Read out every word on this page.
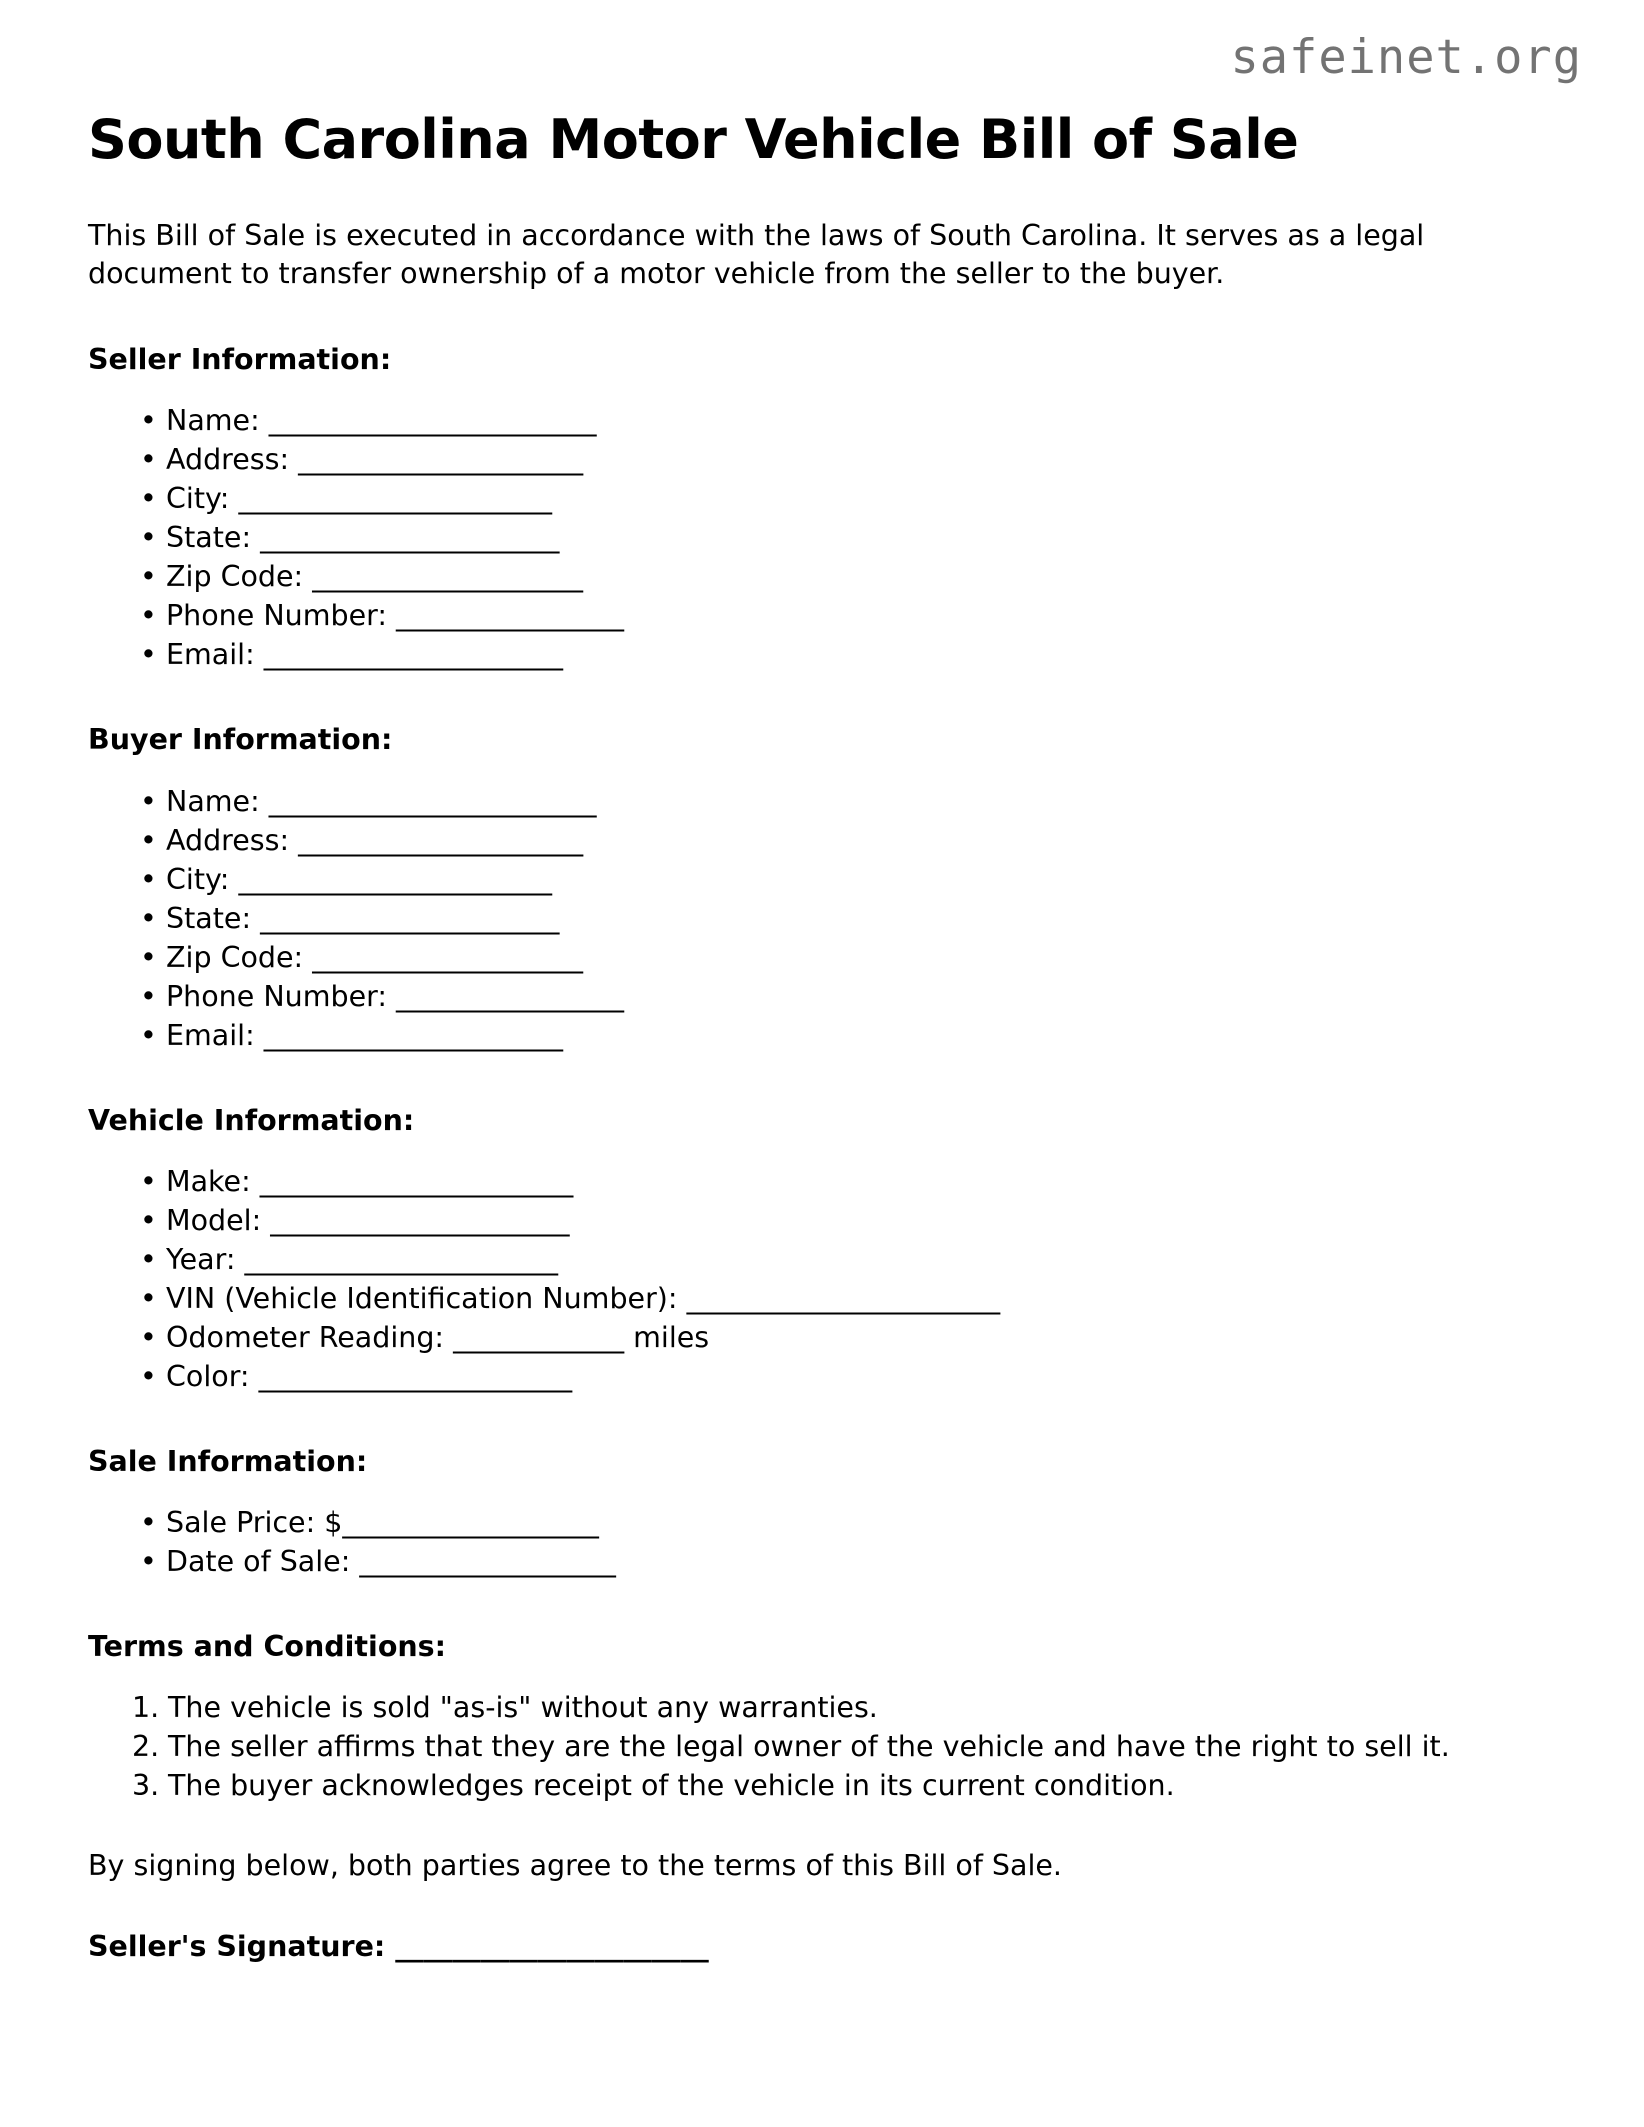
safeinet.org
South Carolina Motor Vehicle Bill of Sale

This Bill of Sale is executed in accordance with the laws of South Carolina. It serves as a legal document to transfer ownership of a motor vehicle from the seller to the buyer.

Seller Information:
• Name: _______________________
• Address: ____________________
• City: ______________________
• State: _____________________
• Zip Code: ___________________
• Phone Number: ________________
• Email: _____________________
Buyer Information:
• Name: _______________________
• Address: ____________________
• City: ______________________
• State: _____________________
• Zip Code: ___________________
• Phone Number: ________________
• Email: _____________________
Vehicle Information:
• Make: ______________________
• Model: _____________________
• Year: ______________________
• VIN (Vehicle Identification Number): ______________________
• Odometer Reading: ____________ miles
• Color: ______________________
Sale Information:
• Sale Price: $__________________
• Date of Sale: __________________
Terms and Conditions:
The vehicle is sold "as-is" without any warranties.
The seller affirms that they are the legal owner of the vehicle and have the right to sell it.
The buyer acknowledges receipt of the vehicle in its current condition.

By signing below, both parties agree to the terms of this Bill of Sale.

Seller's Signature: ______________________
